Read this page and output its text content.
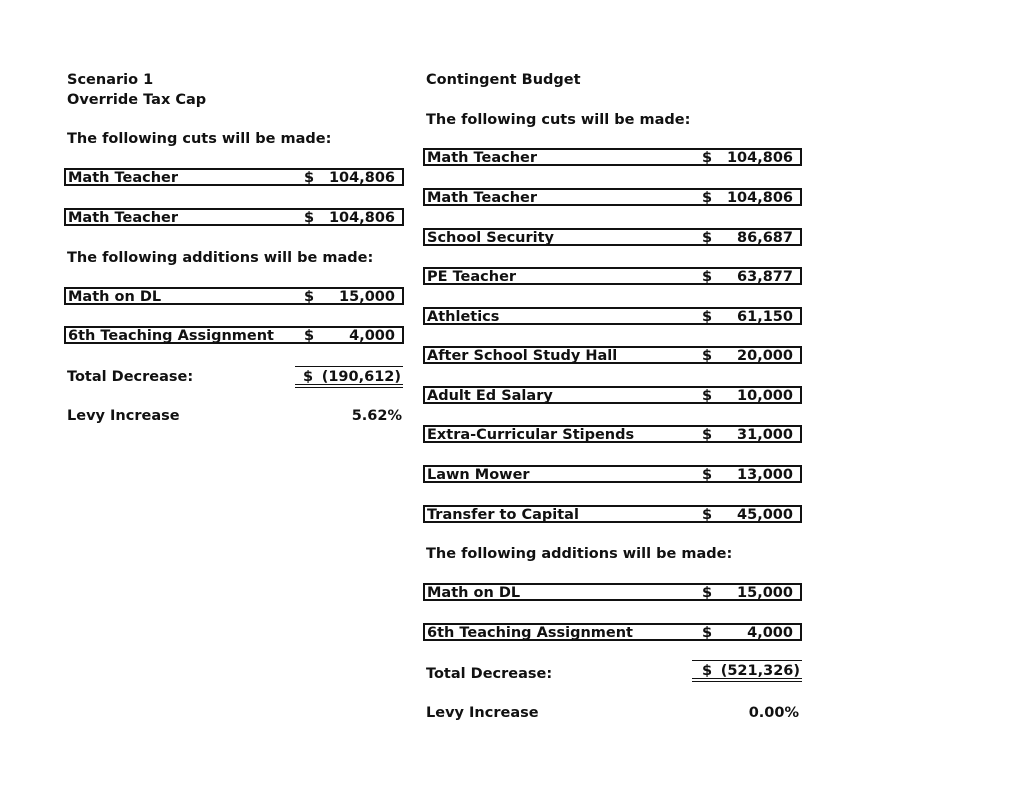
Scenario 1
Override Tax Cap
The following cuts will be made:
Math Teacher	$ 104,806
Math Teacher	$ 104,806
The following additions will be made:
Math on DL	$ 15,000
6th Teaching Assignment $ 4,000
Total Decrease:	$ (190,612)
Levy Increase	5.62%
Contingent Budget
The following cuts will be made:
Math Teacher	$ 104,806
Math Teacher	$ 104,806
School Security	$ 86,687
PE Teacher	$ 63,877
Athletics	$ 61,150
After School Study Hall	$ 20,000
Adult Ed Salary	$ 10,000
Extra-Curricular Stipends	$ 31,000
Lawn Mower	$ 13,000
Transfer to Capital	$ 45,000
The following additions will be made:
Math on DL	$ 15,000
6th Teaching Assignment	$ 4,000
Total Decrease:	$ (521,326)
Levy Increase	0.00%
